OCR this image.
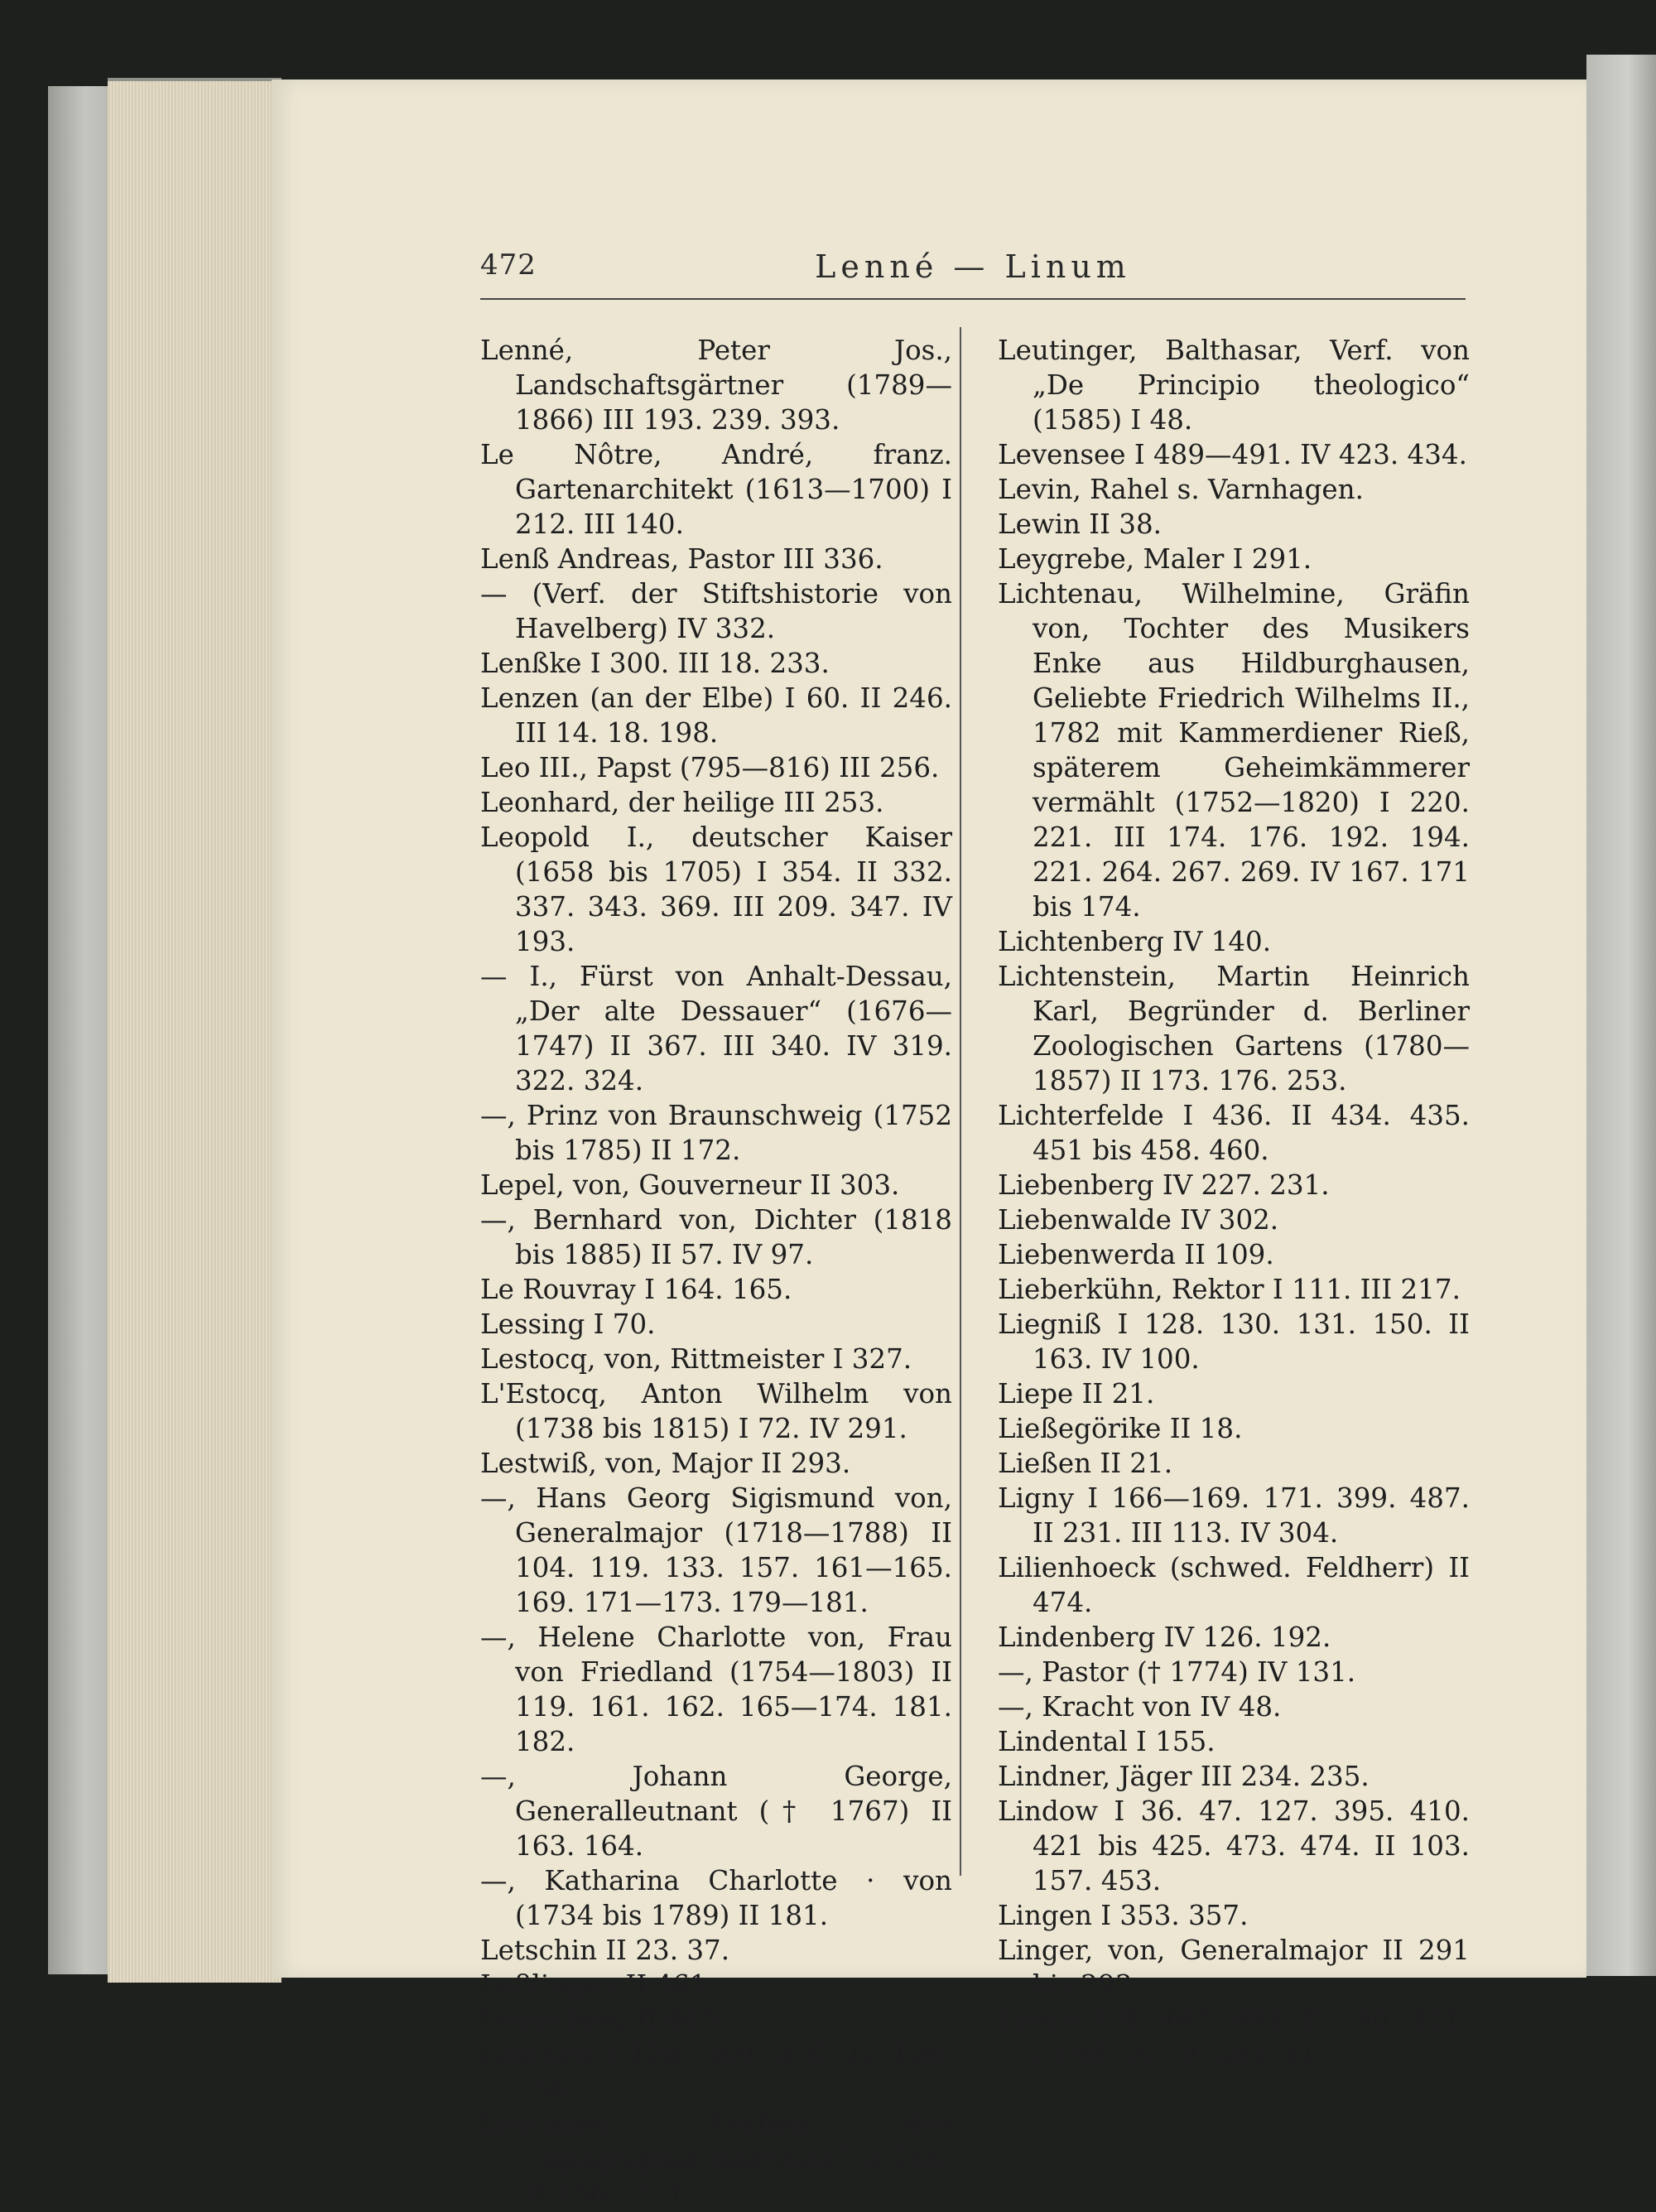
472	Lenné — Linum
Lenné, Peter Jos., Landschaftsgärtner (1789—1866) III 193. 239. 393.
Le Nôtre, André, franz. Gartenarchitekt (1613—1700) I 212. III 140.
Lenß Andreas, Pastor III 336.
— (Verf. der Stiftshistorie von Havelberg) IV 332.
Lenßke I 300. III 18. 233.
Lenzen (an der Elbe) I 60. II 246. III 14. 18. 198.
Leo III., Papst (795—816) III 256.
Leonhard, der heilige III 253.
Leopold I., deutscher Kaiser (1658 bis 1705) I 354. II 332. 337. 343. 369. III 209. 347. IV 193.
— I., Fürst von Anhalt-Dessau, „Der alte Dessauer“ (1676—1747) II 367. III 340. IV 319. 322. 324.
—, Prinz von Braunschweig (1752 bis 1785) II 172.
Lepel, von, Gouverneur II 303.
—, Bernhard von, Dichter (1818 bis 1885) II 57. IV 97.
Le Rouvray I 164. 165.
Lessing I 70.
Lestocq, von, Rittmeister I 327.
L'Estocq, Anton Wilhelm von (1738 bis 1815) I 72. IV 291.
Lestwiß, von, Major II 293.
—, Hans Georg Sigismund von, Generalmajor (1718—1788) II 104. 119. 133. 157. 161—165. 169. 171—173. 179—181.
—, Helene Charlotte von, Frau von Friedland (1754—1803) II 119. 161. 162. 165—174. 181. 182.
—, Johann George, Generalleutnant († 1767) II 163. 164.
—, Katharina Charlotte · von (1734 bis 1789) II 181.
Letschin II 23. 37.
Leßlingen II 461.
Leuenberg II 465.
Leuthen I 128. 369. 476. IV 100. 264.
Leutinger (Verfass. der „Topographia marchica“ II 266. III 166—171.
Leutinger, Balthasar, Verf. von „De Principio theologico“ (1585) I 48.
Levensee I 489—491. IV 423. 434.
Levin, Rahel s. Varnhagen.
Lewin II 38.
Leygrebe, Maler I 291.
Lichtenau, Wilhelmine, Gräfin von, Tochter des Musikers Enke aus Hildburghausen, Geliebte Friedrich Wilhelms II., 1782 mit Kammerdiener Rieß, späterem Geheimkämmerer vermählt (1752—1820) I 220. 221. III 174. 176. 192. 194. 221. 264. 267. 269. IV 167. 171 bis 174.
Lichtenberg IV 140.
Lichtenstein, Martin Heinrich Karl, Begründer d. Berliner Zoologischen Gartens (1780—1857) II 173. 176. 253.
Lichterfelde I 436. II 434. 435. 451 bis 458. 460.
Liebenberg IV 227. 231.
Liebenwalde IV 302.
Liebenwerda II 109.
Lieberkühn, Rektor I 111. III 217.
Liegniß I 128. 130. 131. 150. II 163. IV 100.
Liepe II 21.
Ließegörike II 18.
Ließen II 21.
Ligny I 166—169. 171. 399. 487. II 231. III 113. IV 304.
Lilienhoeck (schwed. Feldherr) II 474.
Lindenberg IV 126. 192.
—, Pastor († 1774) IV 131.
—, Kracht von IV 48.
Lindental I 155.
Lindner, Jäger III 234. 235.
Lindow I 36. 47. 127. 395. 410. 421 bis 425. 473. 474. II 103. 157. 453.
Lingen I 353. 357.
Linger, von, Generalmajor II 291 bis 293.
Linum I 8. 447. 493. II 190. 191. III 98. IV 59. 404. 417.
